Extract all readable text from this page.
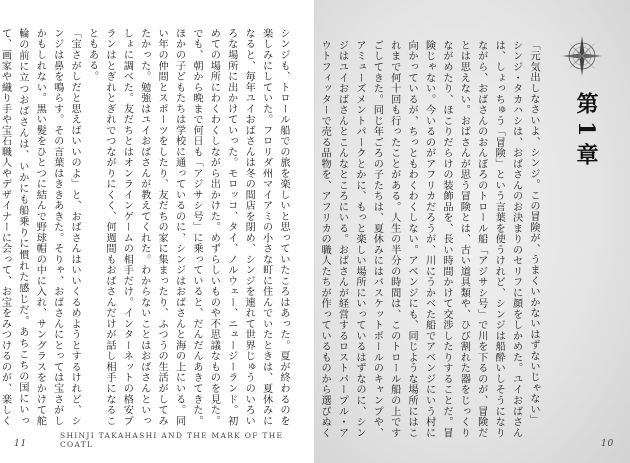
シンジも、トロール船での旅を楽しいと思っていたころはあった。夏が終わるのを楽しみにしていた。フロリダ州マイアミの小さな町に住んでいたときは、夏休みになると、毎年ユイおばさんは冬の間店を閉め、シンジを連れて世界じゅうのいろいろな場所に出かけていった。モロッコ、タイ、ノルウェー、ニュージーランド。初めての場所にわくわくしながら出かけた。めずらしいものや不思議なものを見た。でも、朝から晩まで何日も「アジサシ号」に乗っていると、だんだんあきてきた。ほかの子どもたちは学校に通っているのに、シンジはおばさんと海の上にいる。同い年の仲間とスポーツをしたり、友だちの家に集まったり、ふつうの生活がしてみたかった。勉強はユイおばさんが教えてくれた。わからないことはおばさんといっしょに調べた。友だちとはオンラインゲームの相手だけ。インターネットの格安プランはとぎれとぎれでつながりにくく、何週間もおばさんだけが話し相手になることもある。
「宝さがしだと思えばいいのよ」と、おばさんはいいくるめようとするけれど、シンジは鼻を鳴らす。その言葉はききあきた。そりゃ、おばさんにとっては宝さがしかもしれない。黒い髪をひとつに結んで野球帽の中に入れ、サングラスをかけて舵輪の前に立つおばさんは、いかにも船乗りに慣れた感じだ。あちこちの国にいって、画家や織り手や宝石職人やデザイナーに会って、お宝をみつけるのが、楽しく
11
SHINJI TAKAHASHI AND THE MARK OF THE COATL
第1章
「元気出しなさいよ、シンジ。この冒険が、うまくいかないはずないじゃない」
シンジ・タカハシは、おばさんのお決まりのセリフに顔をしかめた。ユイおばさんは、しょっちゅう「冒険」という言葉を使うけれど、シンジは船酔いしそうになりながら、おばさんのおんぼろのトロール船「アジサシ号」で川を下るのが、冒険だとは思えない。おばさんが思う冒険とは、古い道具類や、ひび割れた器をじっくりながめたり、ほこりだらけの装飾品を、長い時間かけて交渉したりすることだ。冒険じゃない。今いるのがアフリカだろうが、川にうかべた船でアベンジにいう村に向かっているが、ちっともわくわくしない。アベンジにも、同じような場所にはこれまで何十回も行ったことがある。人生の半分の時間は、このトロール船の上ですごしてきた。同じ年ごろの子たちは、夏休みにはバスケットボールのキャンプや、アミューズメントパークとかに、もっと楽しい場所にいっているはずなのに、シンジはユイおばさんとこんなところにいる。おばさんが経営するロストパープル・アウトフィッターで売る品物を、アフリカの職人たちが作っているものから選びぬく
10
